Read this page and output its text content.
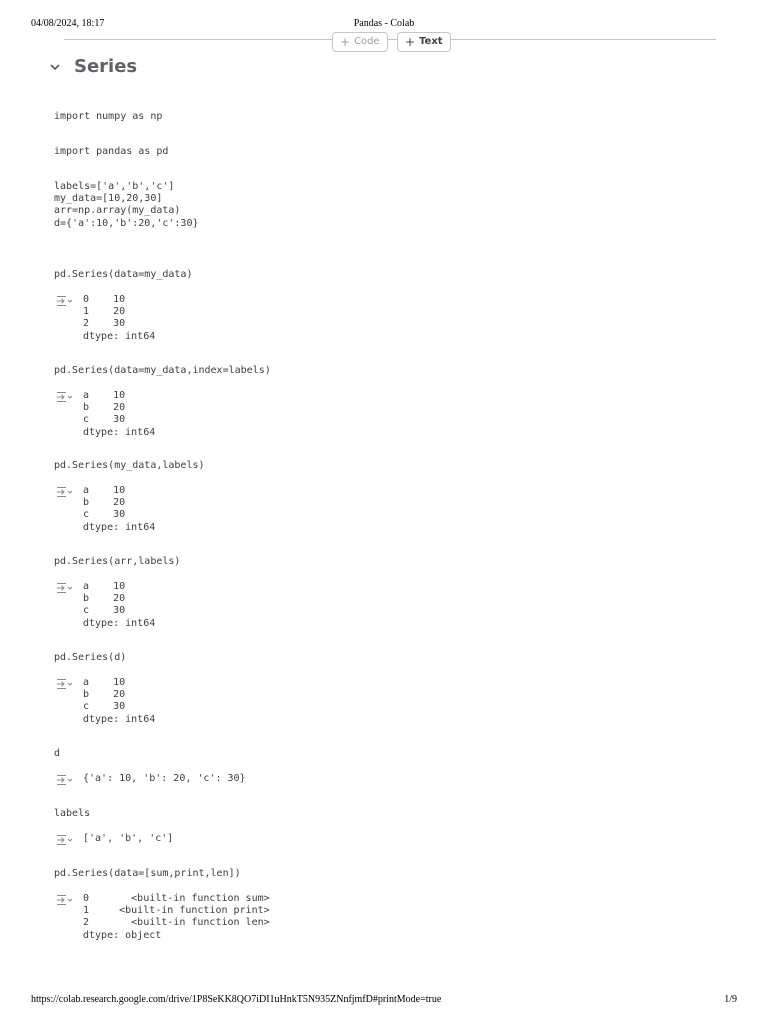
04/08/2024, 18:17	Pandas - Colab
+ Code + Text
Series
import numpy as np
import pandas as pd
labels=['a','b','c']
my_data=[10,20,30]
arr=np.array(my_data)
d={'a':10,'b':20,'c':30}
pd.Series(data=my_data)
0    10
1    20
2    30
dtype: int64
pd.Series(data=my_data,index=labels)
a    10
b    20
c    30
dtype: int64
pd.Series(my_data,labels)
a    10
b    20
c    30
dtype: int64
pd.Series(arr,labels)
a    10
b    20
c    30
dtype: int64
pd.Series(d)
a    10
b    20
c    30
dtype: int64
d
{'a': 10, 'b': 20, 'c': 30}
labels
['a', 'b', 'c']
pd.Series(data=[sum,print,len])
0       <built-in function sum>
1     <built-in function print>
2       <built-in function len>
dtype: object
https://colab.research.google.com/drive/1P8SeKK8QO7iDI1uHnkT5N935ZNnfjmfD#printMode=true	1/9
